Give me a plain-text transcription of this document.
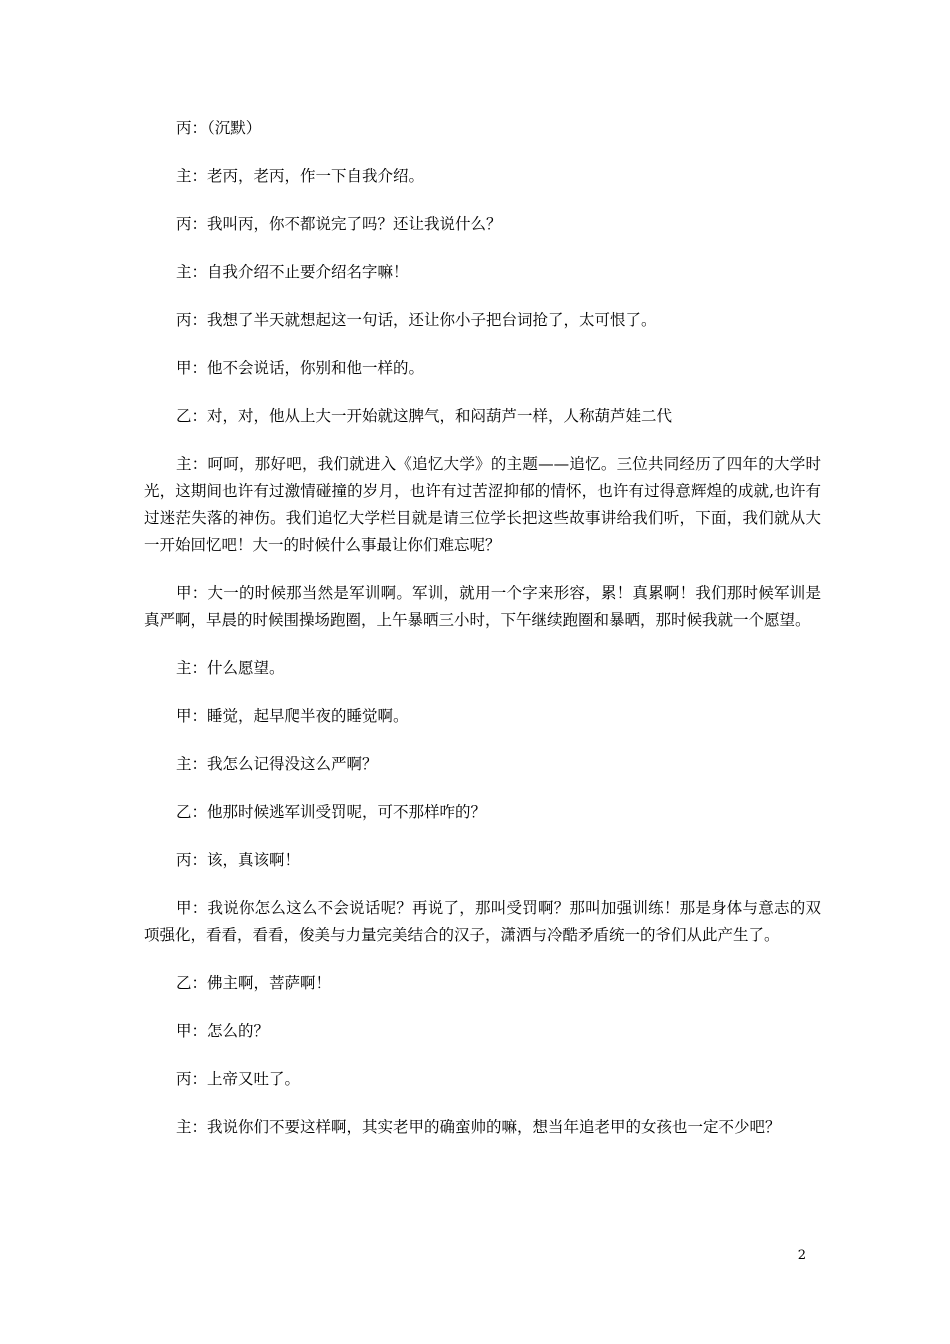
丙：（沉默）

主：老丙，老丙，作一下自我介绍。

丙：我叫丙，你不都说完了吗？还让我说什么？

主：自我介绍不止要介绍名字嘛！

丙：我想了半天就想起这一句话，还让你小子把台词抢了，太可恨了。

甲：他不会说话，你别和他一样的。

乙：对，对，他从上大一开始就这脾气，和闷葫芦一样，人称葫芦娃二代

主：呵呵，那好吧，我们就进入《追忆大学》的主题——追忆。三位共同经历了四年的大学时光，这期间也许有过激情碰撞的岁月，也许有过苦涩抑郁的情怀，也许有过得意辉煌的成就,也许有过迷茫失落的神伤。我们追忆大学栏目就是请三位学长把这些故事讲给我们听，下面，我们就从大一开始回忆吧！大一的时候什么事最让你们难忘呢？

甲：大一的时候那当然是军训啊。军训，就用一个字来形容，累！真累啊！我们那时候军训是真严啊，早晨的时候围操场跑圈，上午暴晒三小时，下午继续跑圈和暴晒，那时候我就一个愿望。

主：什么愿望。

甲：睡觉，起早爬半夜的睡觉啊。

主：我怎么记得没这么严啊？

乙：他那时候逃军训受罚呢，可不那样咋的？

丙：该，真该啊！

甲：我说你怎么这么不会说话呢？再说了，那叫受罚啊？那叫加强训练！那是身体与意志的双项强化，看看，看看，俊美与力量完美结合的汉子，潇洒与冷酷矛盾统一的爷们从此产生了。

乙：佛主啊，菩萨啊！

甲：怎么的？

丙：上帝又吐了。

主：我说你们不要这样啊，其实老甲的确蛮帅的嘛，想当年追老甲的女孩也一定不少吧？

2
